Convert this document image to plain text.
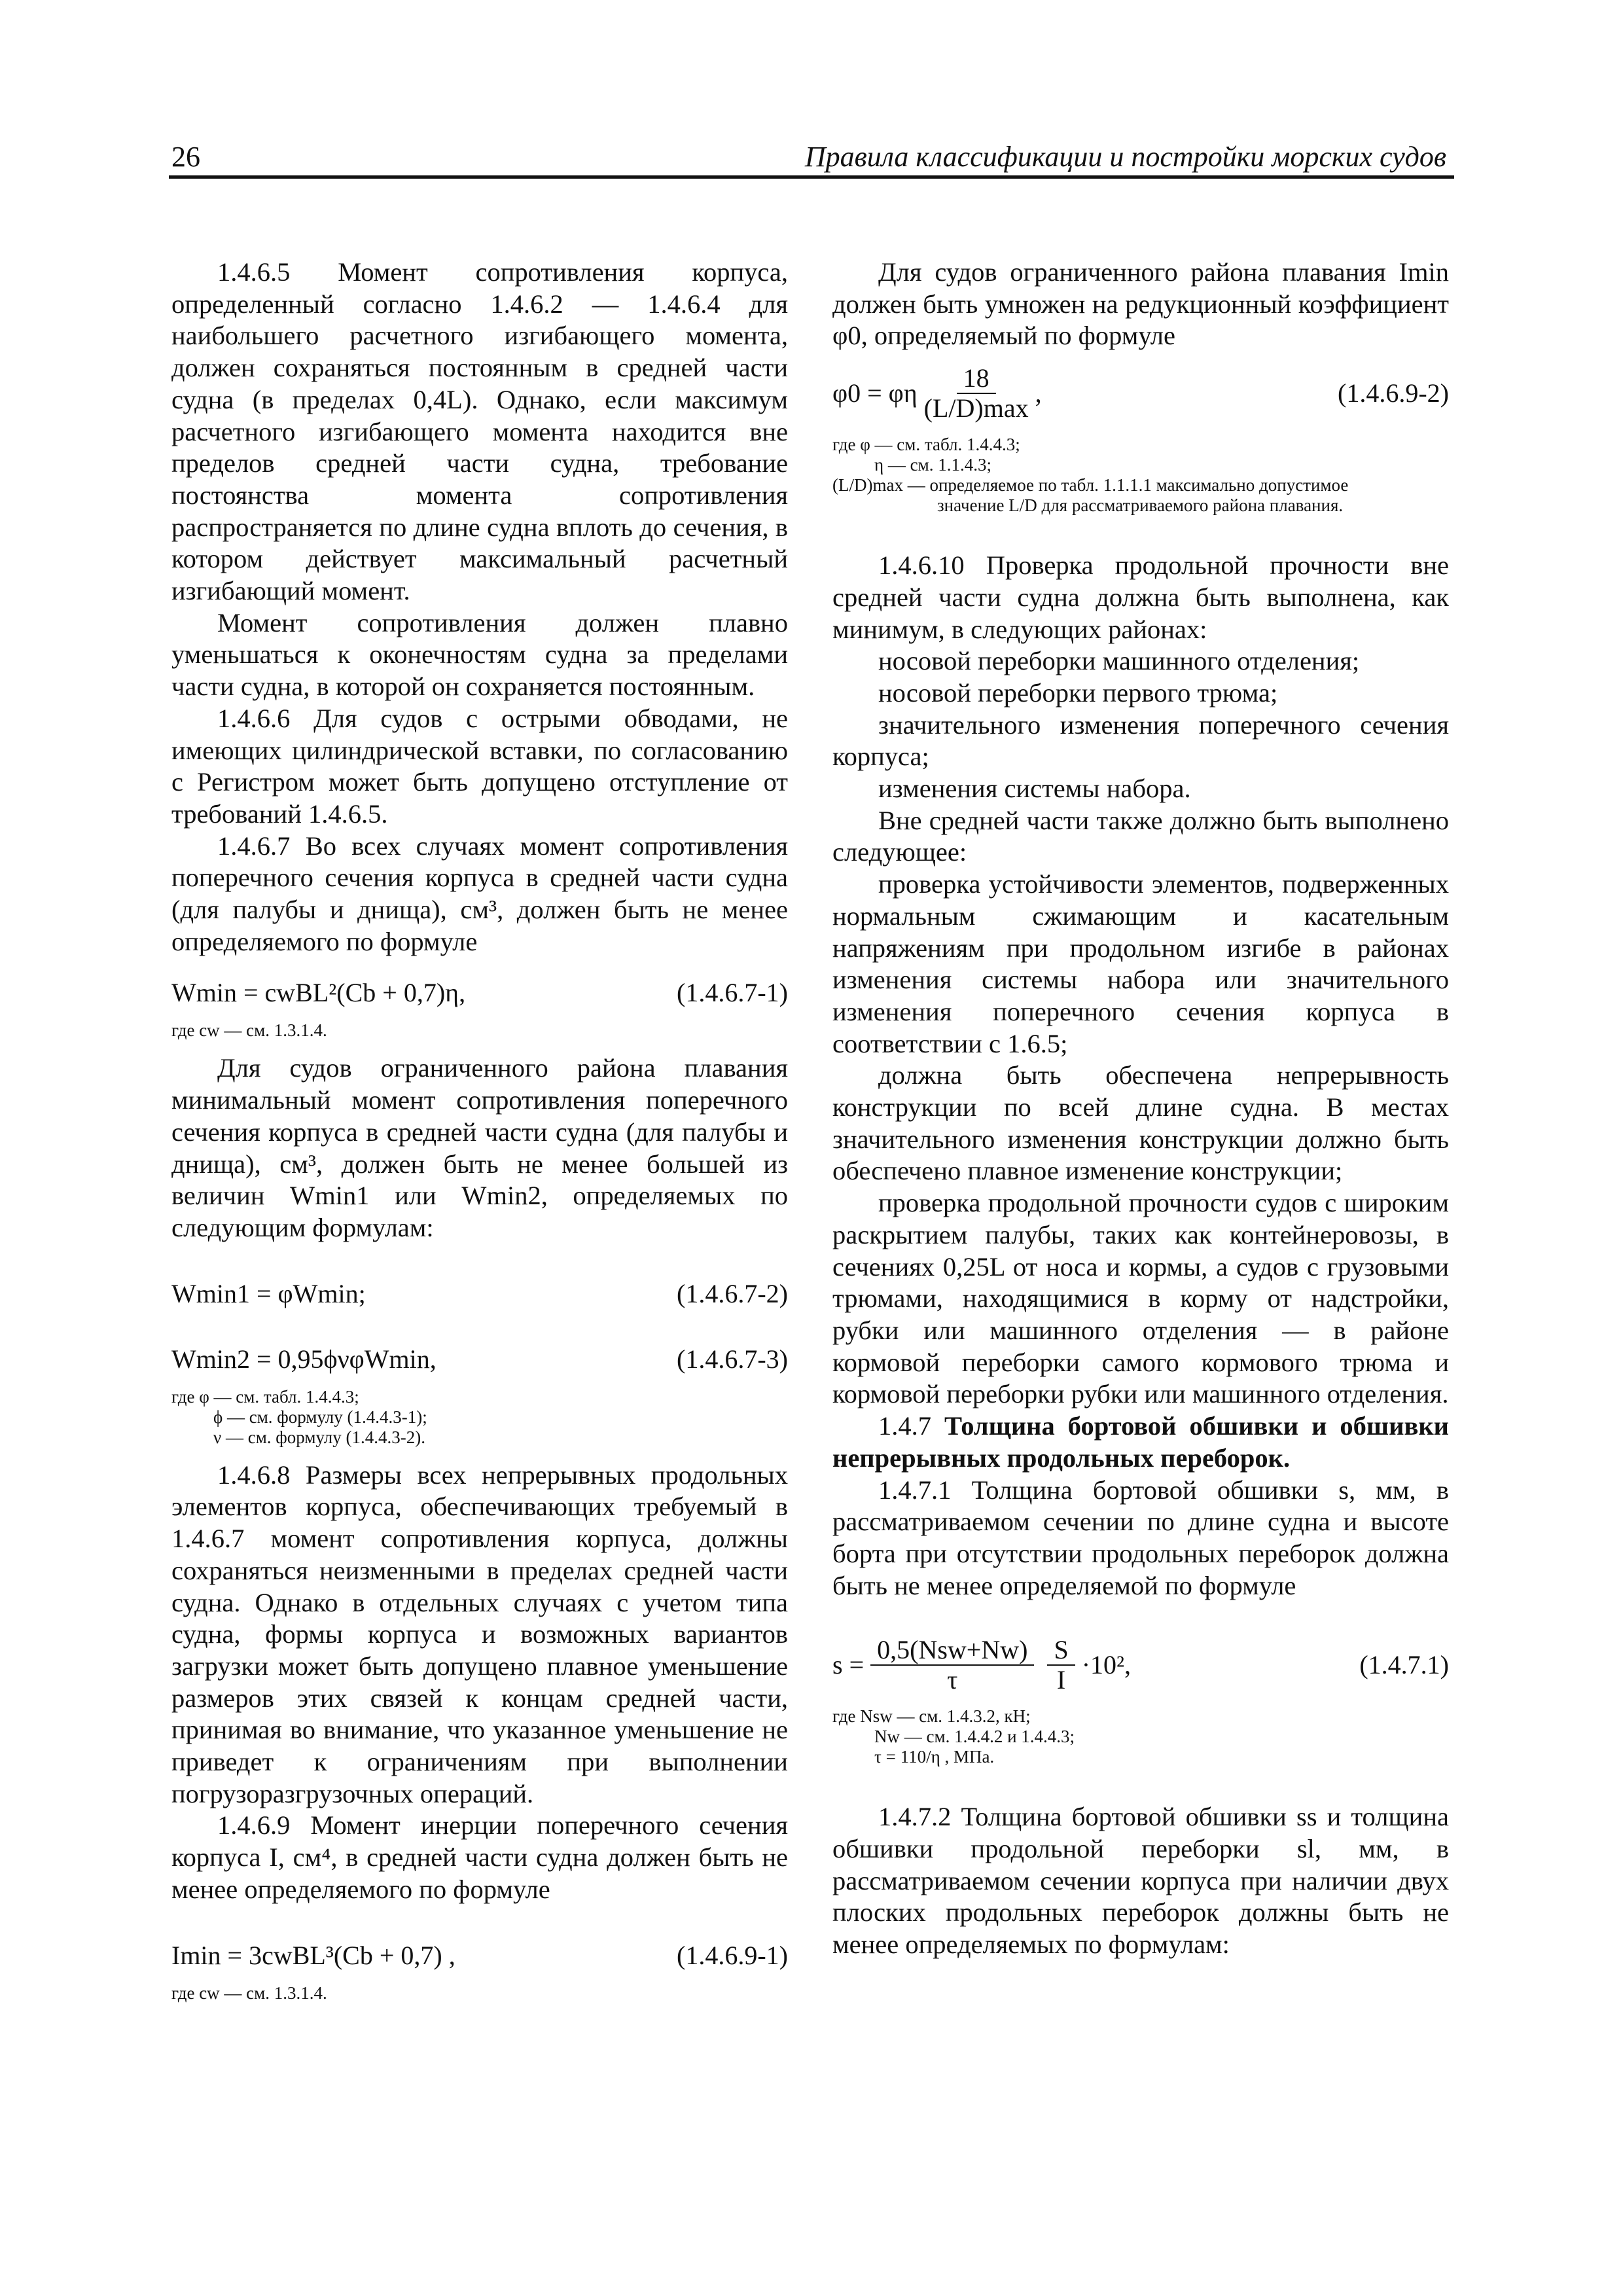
26	Правила классификации и постройки морских судов

1.4.6.5 Момент сопротивления корпуса, определенный согласно 1.4.6.2 — 1.4.6.4 для наибольшего расчетного изгибающего момента, должен сохраняться постоянным в средней части судна (в пределах 0,4L). Однако, если максимум расчетного изгибающего момента находится вне пределов средней части судна, требование постоянства момента сопротивления распространяется по длине судна вплоть до сечения, в котором действует максимальный расчетный изгибающий момент.

Момент сопротивления должен плавно уменьшаться к оконечностям судна за пределами части судна, в которой он сохраняется постоянным.

1.4.6.6 Для судов с острыми обводами, не имеющих цилиндрической вставки, по согласованию с Регистром может быть допущено отступление от требований 1.4.6.5.

1.4.6.7 Во всех случаях момент сопротивления поперечного сечения корпуса в средней части судна (для палубы и днища), см³, должен быть не менее определяемого по формуле

Wmin = cwBL²(Cb + 0,7)η,	(1.4.6.7-1)

где cw — см. 1.3.1.4.

Для судов ограниченного района плавания минимальный момент сопротивления поперечного сечения корпуса в средней части судна (для палубы и днища), см³, должен быть не менее большей из величин Wmin1 или Wmin2, определяемых по следующим формулам:

Wmin1 = φWmin;	(1.4.6.7-2)
Wmin2 = 0,95ϕνφWmin,	(1.4.6.7-3)

где φ — см. табл. 1.4.4.3;

ϕ — см. формулу (1.4.4.3-1);

ν — см. формулу (1.4.4.3-2).

1.4.6.8 Размеры всех непрерывных продольных элементов корпуса, обеспечивающих требуемый в 1.4.6.7 момент сопротивления корпуса, должны сохраняться неизменными в пределах средней части судна. Однако в отдельных случаях с учетом типа судна, формы корпуса и возможных вариантов загрузки может быть допущено плавное уменьшение размеров этих связей к концам средней части, принимая во внимание, что указанное уменьшение не приведет к ограничениям при выполнении погрузоразгрузочных операций.

1.4.6.9 Момент инерции поперечного сечения корпуса I, см⁴, в средней части судна должен быть не менее определяемого по формуле

Imin = 3cwBL³(Cb + 0,7) ,	(1.4.6.9-1)

где cw — см. 1.3.1.4.

Для судов ограниченного района плавания Imin должен быть умножен на редукционный коэффициент φ0, определяемый по формуле

φ0 = φη $\frac{18}{(L/D)\max}$ ,	(1.4.6.9-2)

где φ — см. табл. 1.4.4.3;

η — см. 1.1.4.3;

(L/D)max — определяемое по табл. 1.1.1.1 максимально допустимое

значение L/D для рассматриваемого района плавания.

1.4.6.10 Проверка продольной прочности вне средней части судна должна быть выполнена, как минимум, в следующих районах:

носовой переборки машинного отделения;

носовой переборки первого трюма;

значительного изменения поперечного сечения корпуса;

изменения системы набора.

Вне средней части также должно быть выполнено следующее:

проверка устойчивости элементов, подверженных нормальным сжимающим и касательным напряжениям при продольном изгибе в районах изменения системы набора или значительного изменения поперечного сечения корпуса в соответствии с 1.6.5;

должна быть обеспечена непрерывность конструкции по всей длине судна. В местах значительного изменения конструкции должно быть обеспечено плавное изменение конструкции;

проверка продольной прочности судов с широким раскрытием палубы, таких как контейнеровозы, в сечениях 0,25L от носа и кормы, а судов с грузовыми трюмами, находящимися в корму от надстройки, рубки или машинного отделения — в районе кормовой переборки самого кормового трюма и кормовой переборки рубки или машинного отделения.

1.4.7 Толщина бортовой обшивки и обшивки непрерывных продольных переборок.

1.4.7.1 Толщина бортовой обшивки s, мм, в рассматриваемом сечении по длине судна и высоте борта при отсутствии продольных переборок должна быть не менее определяемой по формуле

$s = \frac{\text{0,5(Nsw+Nw)}}{\tau} \frac{S}{I} \cdot 10^2$,	(1.4.7.1)

где Nsw — см. 1.4.3.2, кН;

Nw — см. 1.4.4.2 и 1.4.4.3;

τ = 110/η , МПа.

1.4.7.2 Толщина бортовой обшивки ss и толщина обшивки продольной переборки sl, мм, в рассматриваемом сечении корпуса при наличии двух плоских продольных переборок должны быть не менее определяемых по формулам:
